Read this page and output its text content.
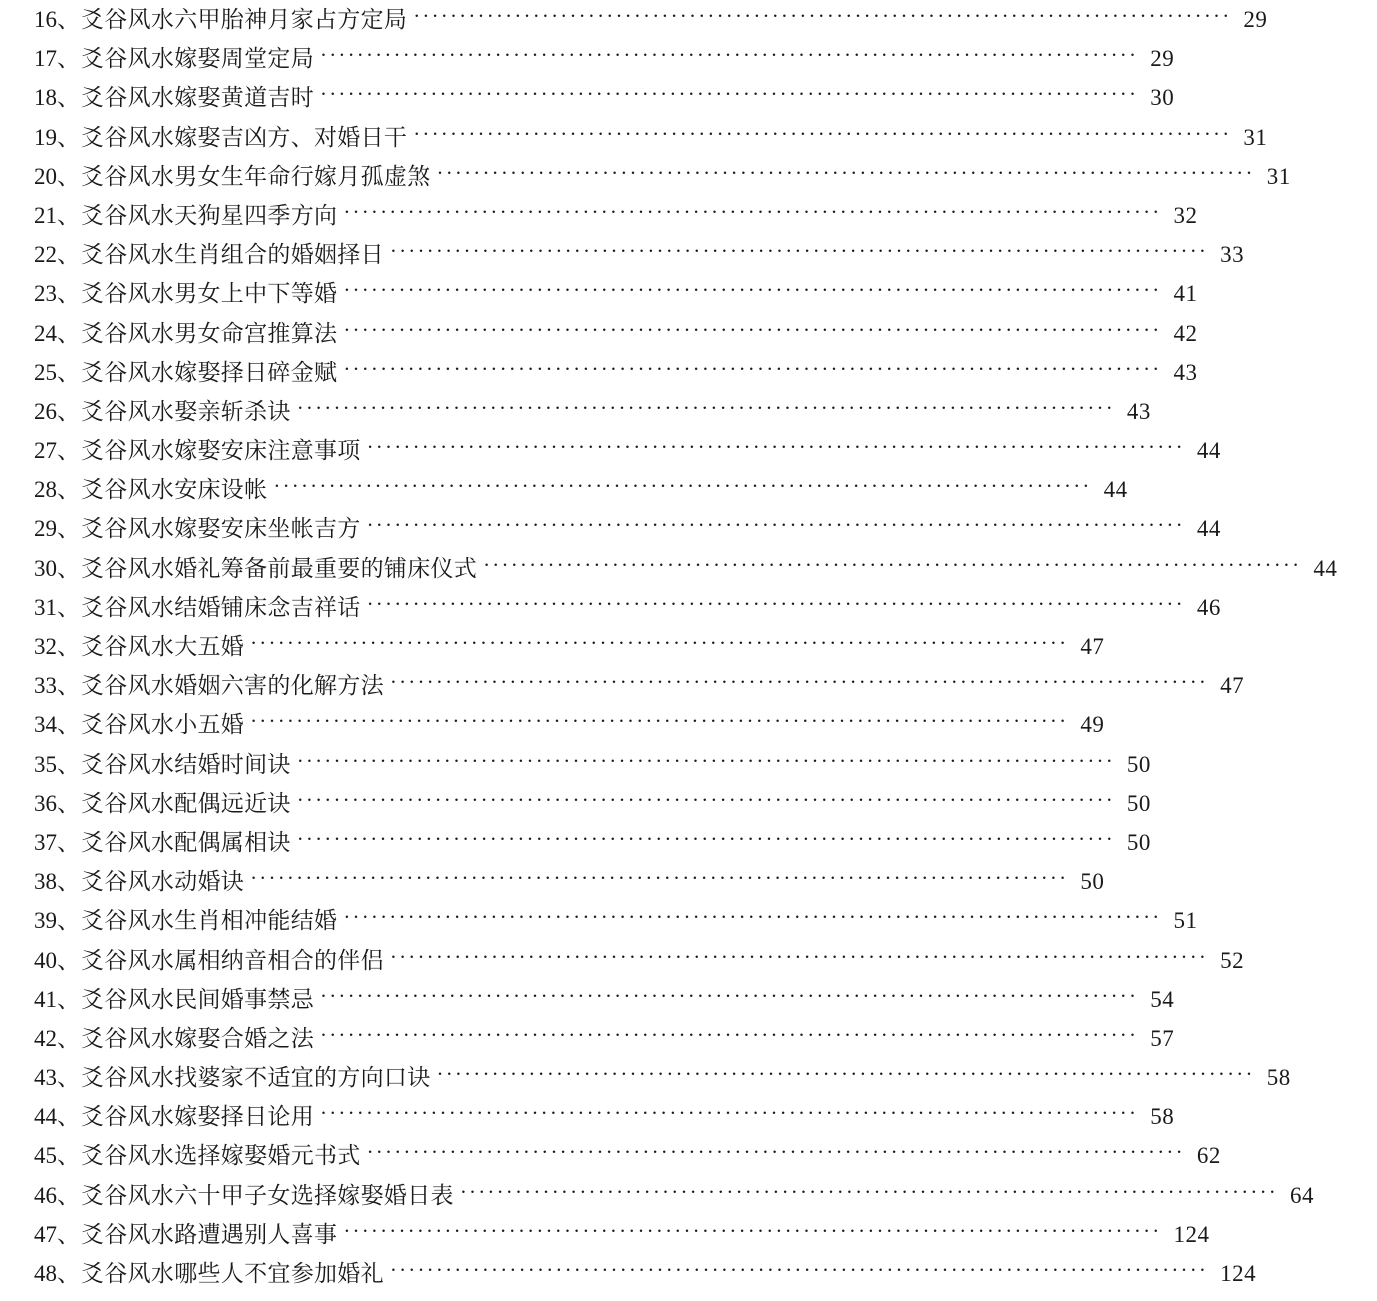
16、 爻谷风水六甲胎神月家占方定局 ························································································· 29
17、 爻谷风水嫁娶周堂定局 ························································································· 29
18、 爻谷风水嫁娶黄道吉时 ························································································· 30
19、 爻谷风水嫁娶吉凶方、对婚日干 ························································································· 31
20、 爻谷风水男女生年命行嫁月孤虚煞 ························································································· 31
21、 爻谷风水天狗星四季方向 ························································································· 32
22、 爻谷风水生肖组合的婚姻择日 ························································································· 33
23、 爻谷风水男女上中下等婚 ························································································· 41
24、 爻谷风水男女命宫推算法 ························································································· 42
25、 爻谷风水嫁娶择日碎金赋 ························································································· 43
26、 爻谷风水娶亲斩杀诀 ························································································· 43
27、 爻谷风水嫁娶安床注意事项 ························································································· 44
28、 爻谷风水安床设帐 ························································································· 44
29、 爻谷风水嫁娶安床坐帐吉方 ························································································· 44
30、 爻谷风水婚礼筹备前最重要的铺床仪式 ························································································· 44
31、 爻谷风水结婚铺床念吉祥话 ························································································· 46
32、 爻谷风水大五婚 ························································································· 47
33、 爻谷风水婚姻六害的化解方法 ························································································· 47
34、 爻谷风水小五婚 ························································································· 49
35、 爻谷风水结婚时间诀 ························································································· 50
36、 爻谷风水配偶远近诀 ························································································· 50
37、 爻谷风水配偶属相诀 ························································································· 50
38、 爻谷风水动婚诀 ························································································· 50
39、 爻谷风水生肖相冲能结婚 ························································································· 51
40、 爻谷风水属相纳音相合的伴侣 ························································································· 52
41、 爻谷风水民间婚事禁忌 ························································································· 54
42、 爻谷风水嫁娶合婚之法 ························································································· 57
43、 爻谷风水找婆家不适宜的方向口诀 ························································································· 58
44、 爻谷风水嫁娶择日论用 ························································································· 58
45、 爻谷风水选择嫁娶婚元书式 ························································································· 62
46、 爻谷风水六十甲子女选择嫁娶婚日表 ························································································· 64
47、 爻谷风水路遭遇别人喜事 ························································································· 124
48、 爻谷风水哪些人不宜参加婚礼 ························································································· 124
